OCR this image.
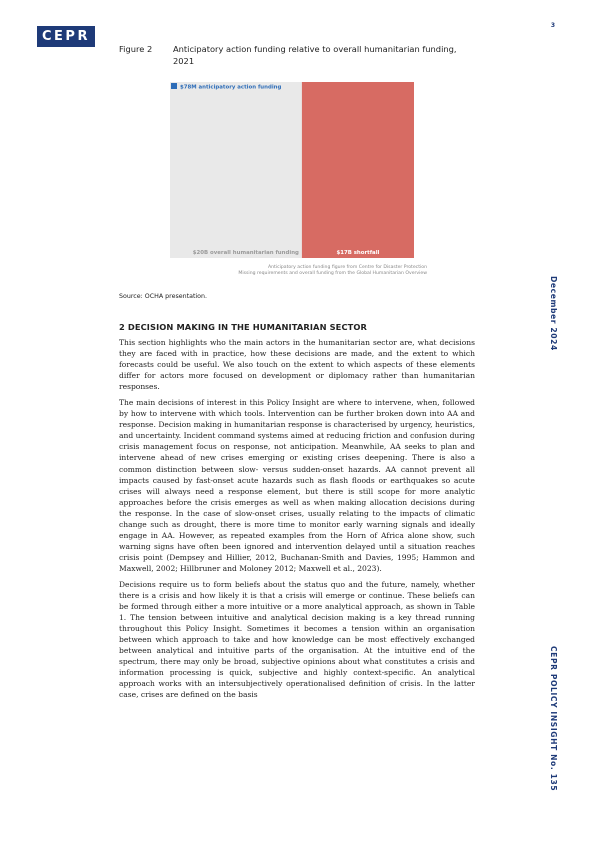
CEPR
3
Figure 2	Anticipatory action funding relative to overall humanitarian funding, 2021
$78M anticipatory action funding
$20B overall humanitarian funding	$17B shortfall
Anticipatory action funding figure from Centre for Disaster Protection
Missing requirements and overall funding from the Global Humanitarian Overview
Source: OCHA presentation.
2 DECISION MAKING IN THE HUMANITARIAN SECTOR

This section highlights who the main actors in the humanitarian sector are, what decisions they are faced with in practice, how these decisions are made, and the extent to which forecasts could be useful. We also touch on the extent to which aspects of these elements differ for actors more focused on development or diplomacy rather than humanitarian responses.

The main decisions of interest in this Policy Insight are where to intervene, when, followed by how to intervene with which tools. Intervention can be further broken down into AA and response. Decision making in humanitarian response is characterised by urgency, heuristics, and uncertainty. Incident command systems aimed at reducing friction and confusion during crisis management focus on response, not anticipation. Meanwhile, AA seeks to plan and intervene ahead of new crises emerging or existing crises deepening. There is also a common distinction between slow- versus sudden-onset hazards. AA cannot prevent all impacts caused by fast-onset acute hazards such as flash floods or earthquakes so acute crises will always need a response element, but there is still scope for more analytic approaches before the crisis emerges as well as when making allocation decisions during the response. In the case of slow-onset crises, usually relating to the impacts of climatic change such as drought, there is more time to monitor early warning signals and ideally engage in AA. However, as repeated examples from the Horn of Africa alone show, such warning signs have often been ignored and intervention delayed until a situation reaches crisis point (Dempsey and Hillier, 2012, Buchanan-Smith and Davies, 1995; Hammon and Maxwell, 2002; Hillbruner and Moloney 2012; Maxwell et al., 2023).

Decisions require us to form beliefs about the status quo and the future, namely, whether there is a crisis and how likely it is that a crisis will emerge or continue. These beliefs can be formed through either a more intuitive or a more analytical approach, as shown in Table 1. The tension between intuitive and analytical decision making is a key thread running throughout this Policy Insight. Sometimes it becomes a tension within an organisation between which approach to take and how knowledge can be most effectively exchanged between analytical and intuitive parts of the organisation. At the intuitive end of the spectrum, there may only be broad, subjective opinions about what constitutes a crisis and information processing is quick, subjective and highly context-specific. An analytical approach works with an intersubjectively operationalised definition of crisis. In the latter case, crises are defined on the basis

December 2024
CEPR POLICY INSIGHT No. 135
